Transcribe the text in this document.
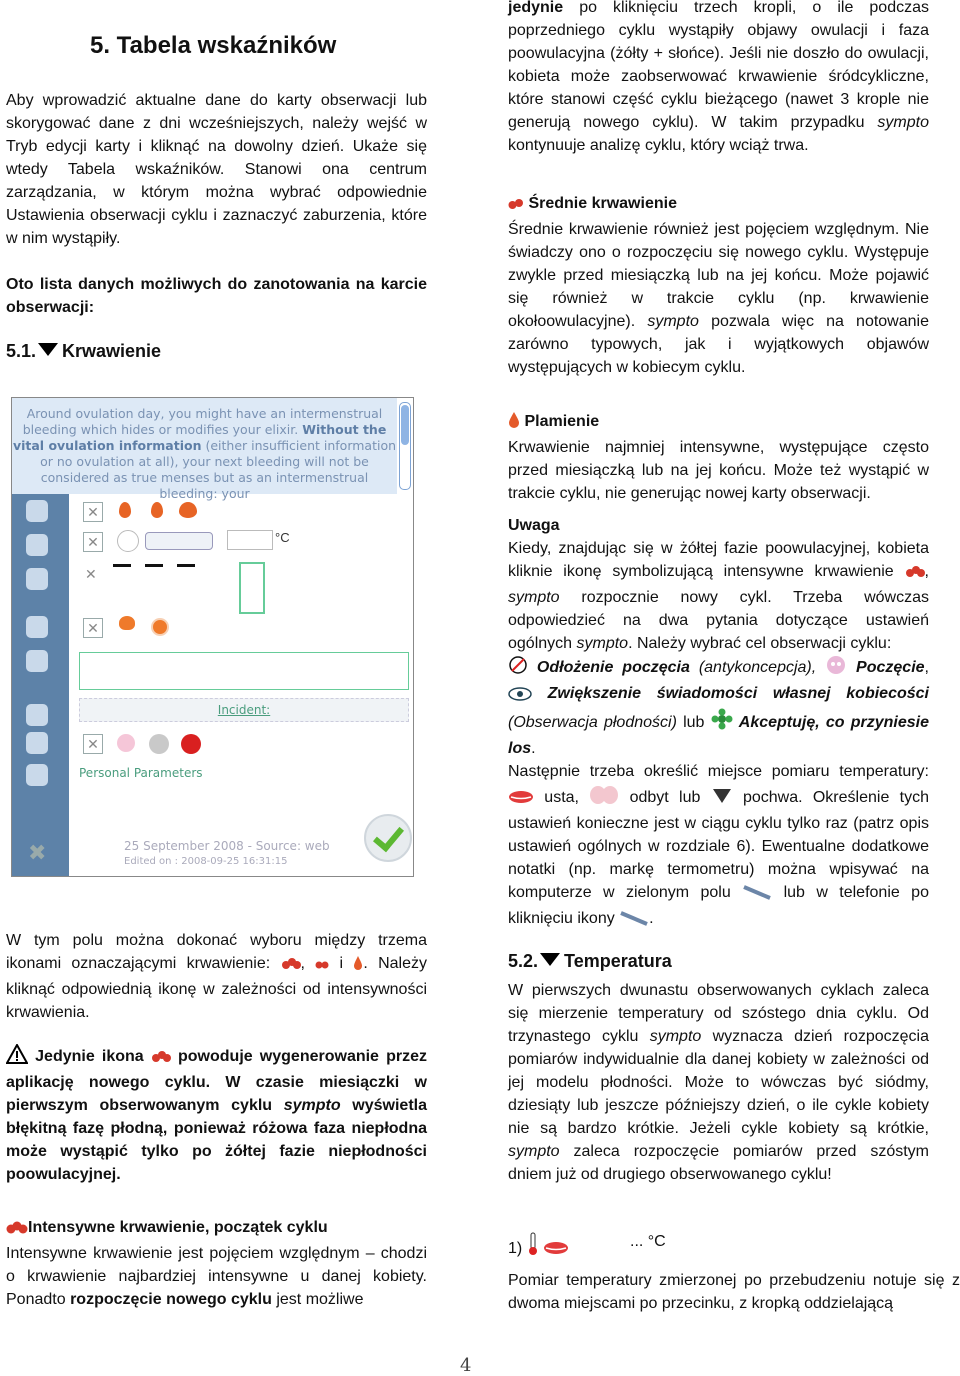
5. Tabela wskaźników

Aby wprowadzić aktualne dane do karty obserwacji lub skorygować dane z dni wcześniejszych, należy wejść w Tryb edycji karty i kliknąć na dowolny dzień. Ukaże się wtedy Tabela wskaźników. Stanowi ona centrum zarządzania, w którym można wybrać odpowiednie Ustawienia obserwacji cyklu i zaznaczyć zaburzenia, które w nim wystąpiły.

Oto lista danych możliwych do zanotowania na karcie obserwacji:

5.1. Krwawienie
Around ovulation day, you might have an intermenstrual bleeding which hides or modifies your elixir. Without the vital ovulation information (either insufficient information or no ovulation at all), your next bleeding will not be considered as true menses but as an intermenstrual bleeding: your
✖
✕
✕	°C
✕
✕
Incident:
✕
Personal Parameters
25 September 2008 - Source: web
Edited on : 2008-09-25 16:31:15

W tym polu można dokonać wyboru między trzema ikonami oznaczającymi krwawienie: , i . Należy kliknąć odpowiednią ikonę w zależności od intensywności krwawienia.

Jedynie ikona powoduje wygenerowanie przez aplikację nowego cyklu. W czasie miesiączki w pierwszym obserwowanym cyklu sympto wyświetla błękitną fazę płodną, ponieważ różowa faza niepłodna może wystąpić tylko po żółtej fazie niepłodności poowulacyjnej.

Intensywne krwawienie, początek cyklu

Intensywne krwawienie jest pojęciem względnym – chodzi o krwawienie najbardziej intensywne u danej kobiety. Ponadto rozpoczęcie nowego cyklu jest możliwe

jedynie po kliknięciu trzech kropli, o ile podczas poprzedniego cyklu wystąpiły objawy owulacji i faza poowulacyjna (żółty + słońce). Jeśli nie doszło do owulacji, kobieta może zaobserwować krwawienie śródcykliczne, które stanowi część cyklu bieżącego (nawet 3 krople nie generują nowego cyklu). W takim przypadku sympto kontynuuje analizę cyklu, który wciąż trwa.

Średnie krwawienie

Średnie krwawienie również jest pojęciem względnym. Nie świadczy ono o rozpoczęciu się nowego cyklu. Występuje zwykle przed miesiączką lub na jej końcu. Może pojawić się również w trakcie cyklu (np. krwawienie okołoowulacyjne). sympto pozwala więc na notowanie zarówno typowych, jak i wyjątkowych objawów występujących w kobiecym cyklu.

Plamienie

Krwawienie najmniej intensywne, występujące często przed miesiączką lub na jej końcu. Może też wystąpić w trakcie cyklu, nie generując nowej karty obserwacji.

Uwaga

Kiedy, znajdując się w żółtej fazie poowulacyjnej, kobieta kliknie ikonę symbolizującą intensywne krwawienie , sympto rozpocznie nowy cykl. Trzeba wówczas odpowiedzieć na dwa pytania dotyczące ustawień ogólnych sympto. Należy wybrać cel obserwacji cyklu:

Odłożenie poczęcia (antykoncepcja), Poczęcie,  Zwiększenie świadomości własnej kobiecości (Obserwacja płodności) lub Akceptuję, co przyniesie los.

Następnie trzeba określić miejsce pomiaru temperatury:  usta,	odbyt lub	pochwa. Określenie tych ustawień konieczne jest w ciągu cyklu tylko raz (patrz opis ustawień ogólnych w rozdziale 6). Ewentualne dodatkowe notatki (np. markę termometru) można wpisywać na komputerze w zielonym polu	lub w telefonie po kliknięciu ikony .

5.2. Temperatura

W pierwszych dwunastu obserwowanych cyklach zaleca się mierzenie temperatury od szóstego dnia cyklu. Od trzynastego cyklu sympto wyznacza dzień rozpoczęcia pomiarów indywidualnie dla danej kobiety w zależności od jej modelu płodności. Może to wówczas być siódmy, dziesiąty lub jeszcze późniejszy dzień, o ile cykle kobiety nie są bardzo krótkie. Jeżeli cykle kobiety są krótkie, sympto zaleca rozpoczęcie pomiarów przed szóstym dniem już od drugiego obserwowanego cyklu!

1)	... °C

Pomiar temperatury zmierzonej po przebudzeniu notuje się z dwoma miejscami po przecinku, z kropką oddzielającą

4
